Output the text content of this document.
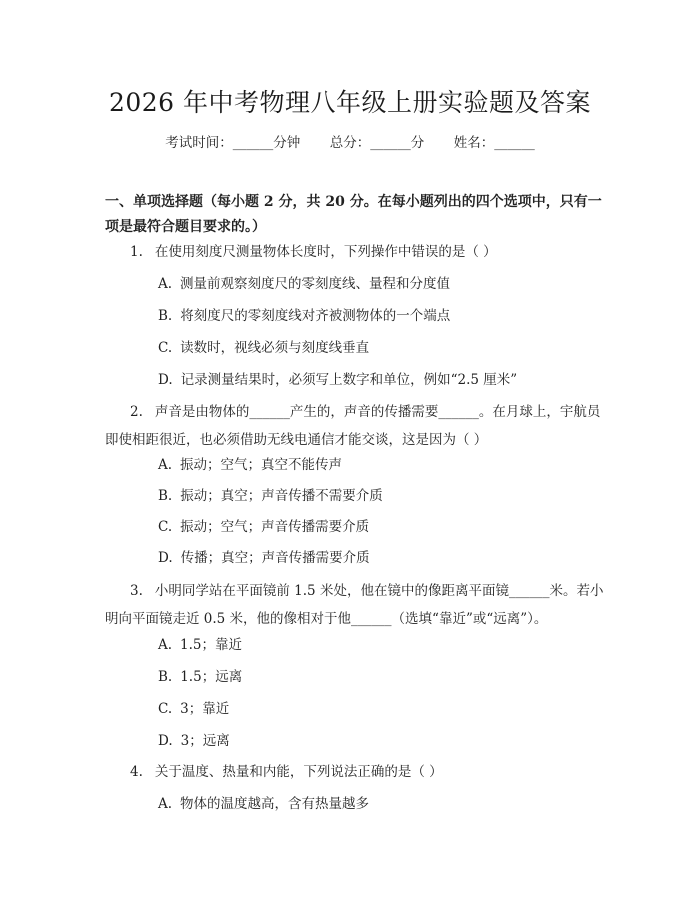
2026 年中考物理八年级上册实验题及答案
考试时间：______分钟 总分：______分 姓名：______
一、单项选择题（每小题 2 分，共 20 分。在每小题列出的四个选项中，只有一项是最符合题目要求的。）
1. 在使用刻度尺测量物体长度时，下列操作中错误的是（ ）
A. 测量前观察刻度尺的零刻度线、量程和分度值
B. 将刻度尺的零刻度线对齐被测物体的一个端点
C. 读数时，视线必须与刻度线垂直
D. 记录测量结果时，必须写上数字和单位，例如“2.5 厘米”
2. 声音是由物体的______产生的，声音的传播需要______。在月球上，宇航员即使相距很近，也必须借助无线电通信才能交谈，这是因为（ ）
A. 振动；空气；真空不能传声
B. 振动；真空；声音传播不需要介质
C. 振动；空气；声音传播需要介质
D. 传播；真空；声音传播需要介质
3. 小明同学站在平面镜前 1.5 米处，他在镜中的像距离平面镜______米。若小明向平面镜走近 0.5 米，他的像相对于他______（选填“靠近”或“远离”）。
A. 1.5；靠近
B. 1.5；远离
C. 3；靠近
D. 3；远离
4. 关于温度、热量和内能，下列说法正确的是（ ）
A. 物体的温度越高，含有热量越多
